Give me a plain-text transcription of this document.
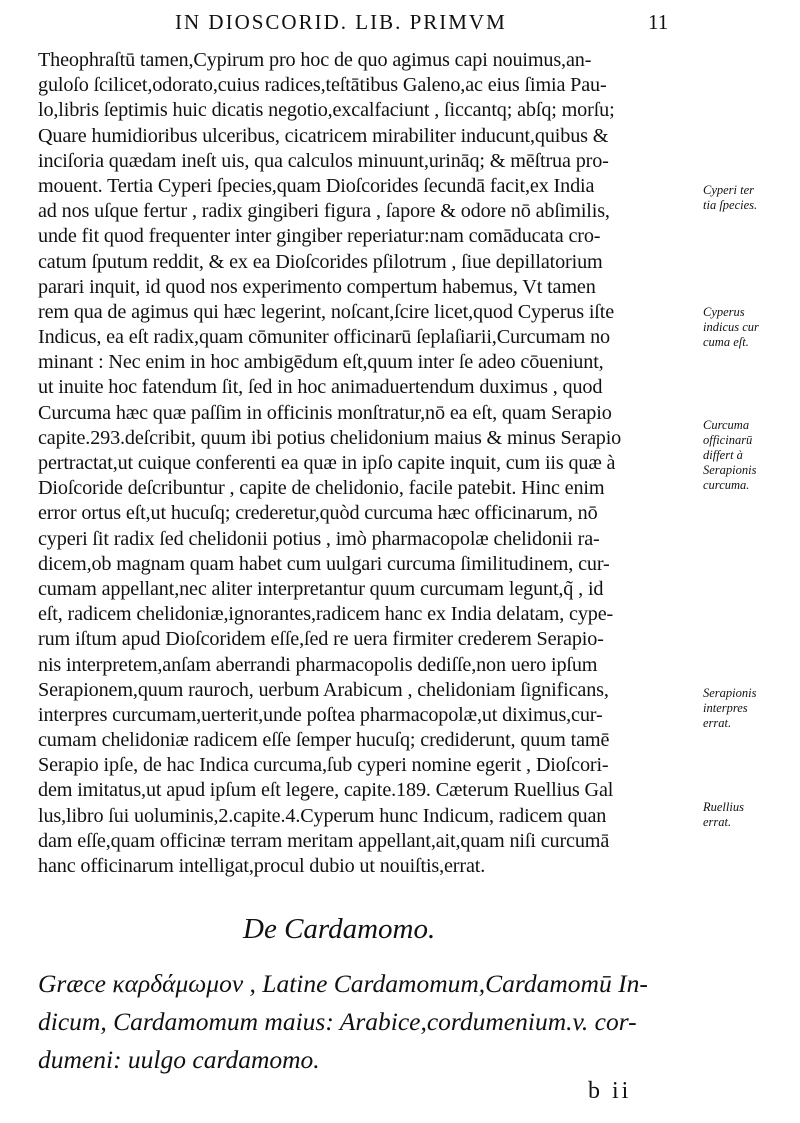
IN DIOSCORID. LIB. PRIMVM	11
Theophraſtū tamen,Cypirum pro hoc de quo agimus capi nouimus,an-
guloſo ſcilicet,odorato,cuius radices,teſtātibus Galeno,ac eius ſimia Pau-
lo,libris ſeptimis huic dicatis negotio,excalfaciunt , ſiccantq; abſq; morſu;
Quare humidioribus ulceribus, cicatricem mirabiliter inducunt,quibus &
inciſoria quædam ineſt uis, qua calculos minuunt,urināq; & mēſtrua pro-
mouent. Tertia Cyperi ſpecies,quam Dioſcorides ſecundā facit,ex India
ad nos uſque fertur , radix gingiberi figura , ſapore & odore nō abſimilis,
unde fit quod frequenter inter gingiber reperiatur:nam comāducata cro-
catum ſputum reddit, & ex ea Dioſcorides pſilotrum , ſiue depillatorium
parari inquit, id quod nos experimento compertum habemus, Vt tamen
rem qua de agimus qui hæc legerint, noſcant,ſcire licet,quod Cyperus iſte
Indicus, ea eſt radix,quam cōmuniter officinarū ſeplaſiarii,Curcumam no
minant : Nec enim in hoc ambigēdum eſt,quum inter ſe adeo cōueniunt,
ut inuite hoc fatendum ſit, ſed in hoc animaduertendum duximus , quod
Curcuma hæc quæ paſſim in officinis monſtratur,nō ea eſt, quam Serapio
capite.293.deſcribit, quum ibi potius chelidonium maius & minus Serapio
pertractat,ut cuique conferenti ea quæ in ipſo capite inquit, cum iis quæ à
Dioſcoride deſcribuntur , capite de chelidonio, facile patebit. Hinc enim
error ortus eſt,ut hucuſq; crederetur,quòd curcuma hæc officinarum, nō
cyperi ſit radix ſed chelidonii potius , imò pharmacopolæ chelidonii ra-
dicem,ob magnam quam habet cum uulgari curcuma ſimilitudinem, cur-
cumam appellant,nec aliter interpretantur quum curcumam legunt,q̃ , id
eſt, radicem chelidoniæ,ignorantes,radicem hanc ex India delatam, cype-
rum iſtum apud Dioſcoridem eſſe,ſed re uera firmiter crederem Serapio-
nis interpretem,anſam aberrandi pharmacopolis dediſſe,non uero ipſum
Serapionem,quum rauroch, uerbum Arabicum , chelidoniam ſignificans,
interpres curcumam,uerterit,unde poſtea pharmacopolæ,ut diximus,cur-
cumam chelidoniæ radicem eſſe ſemper hucuſq; crediderunt, quum tamē
Serapio ipſe, de hac Indica curcuma,ſub cyperi nomine egerit , Dioſcori-
dem imitatus,ut apud ipſum eſt legere, capite.189. Cæterum Ruellius Gal
lus,libro ſui uoluminis,2.capite.4.Cyperum hunc Indicum, radicem quan
dam eſſe,quam officinæ terram meritam appellant,ait,quam niſi curcumā
hanc officinarum intelligat,procul dubio ut nouiſtis,errat.
Cyperi ter
tia ſpecies.
Cyperus
indicus cur
cuma eſt.
Curcuma
officinarū
differt à
Serapionis
curcuma.
Serapionis
interpres
errat.
Ruellius
errat.
De Cardamomo.
Græce καρδάμωμον , Latine Cardamomum,Cardamomū In-
dicum, Cardamomum maius: Arabice,cordumenium.v. cor-
dumeni: uulgo cardamomo.
b ii
